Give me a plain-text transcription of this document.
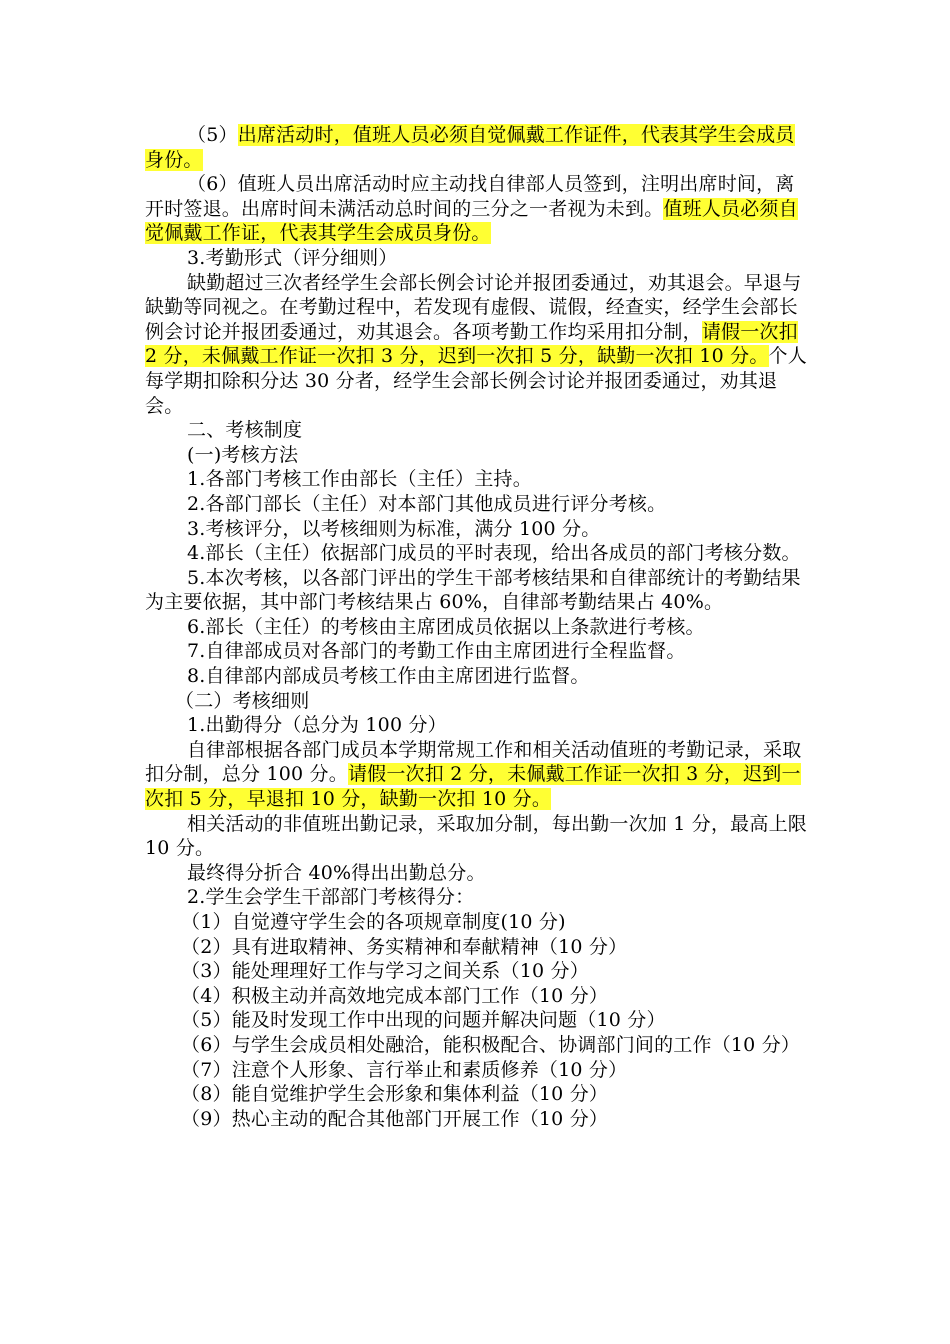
（5）出席活动时，值班人员必须自觉佩戴工作证件，代表其学生会成员身份。

（6）值班人员出席活动时应主动找自律部人员签到，注明出席时间，离开时签退。出席时间未满活动总时间的三分之一者视为未到。值班人员必须自觉佩戴工作证，代表其学生会成员身份。

3.考勤形式（评分细则）

缺勤超过三次者经学生会部长例会讨论并报团委通过，劝其退会。早退与缺勤等同视之。在考勤过程中，若发现有虚假、谎假，经查实，经学生会部长例会讨论并报团委通过，劝其退会。各项考勤工作均采用扣分制，请假一次扣 2 分，未佩戴工作证一次扣 3 分，迟到一次扣 5 分，缺勤一次扣 10 分。个人每学期扣除积分达 30 分者，经学生会部长例会讨论并报团委通过，劝其退会。

二、考核制度

(一)考核方法

1.各部门考核工作由部长（主任）主持。

2.各部门部长（主任）对本部门其他成员进行评分考核。

3.考核评分，以考核细则为标准，满分 100 分。

4.部长（主任）依据部门成员的平时表现，给出各成员的部门考核分数。

5.本次考核，以各部门评出的学生干部考核结果和自律部统计的考勤结果为主要依据，其中部门考核结果占 60%，自律部考勤结果占 40%。

6.部长（主任）的考核由主席团成员依据以上条款进行考核。

7.自律部成员对各部门的考勤工作由主席团进行全程监督。

8.自律部内部成员考核工作由主席团进行监督。

（二）考核细则

1.出勤得分（总分为 100 分）

自律部根据各部门成员本学期常规工作和相关活动值班的考勤记录，采取扣分制，总分 100 分。请假一次扣 2 分，未佩戴工作证一次扣 3 分，迟到一次扣 5 分，早退扣 10 分，缺勤一次扣 10 分。

相关活动的非值班出勤记录，采取加分制，每出勤一次加 1 分，最高上限 10 分。

最终得分折合 40%得出出勤总分。

2.学生会学生干部部门考核得分：

（1）自觉遵守学生会的各项规章制度(10 分)

（2）具有进取精神、务实精神和奉献精神（10 分）

（3）能处理理好工作与学习之间关系（10 分）

（4）积极主动并高效地完成本部门工作（10 分）

（5）能及时发现工作中出现的问题并解决问题（10 分）

（6）与学生会成员相处融洽，能积极配合、协调部门间的工作（10 分）

（7）注意个人形象、言行举止和素质修养（10 分）

（8）能自觉维护学生会形象和集体利益（10 分）

（9）热心主动的配合其他部门开展工作（10 分）
